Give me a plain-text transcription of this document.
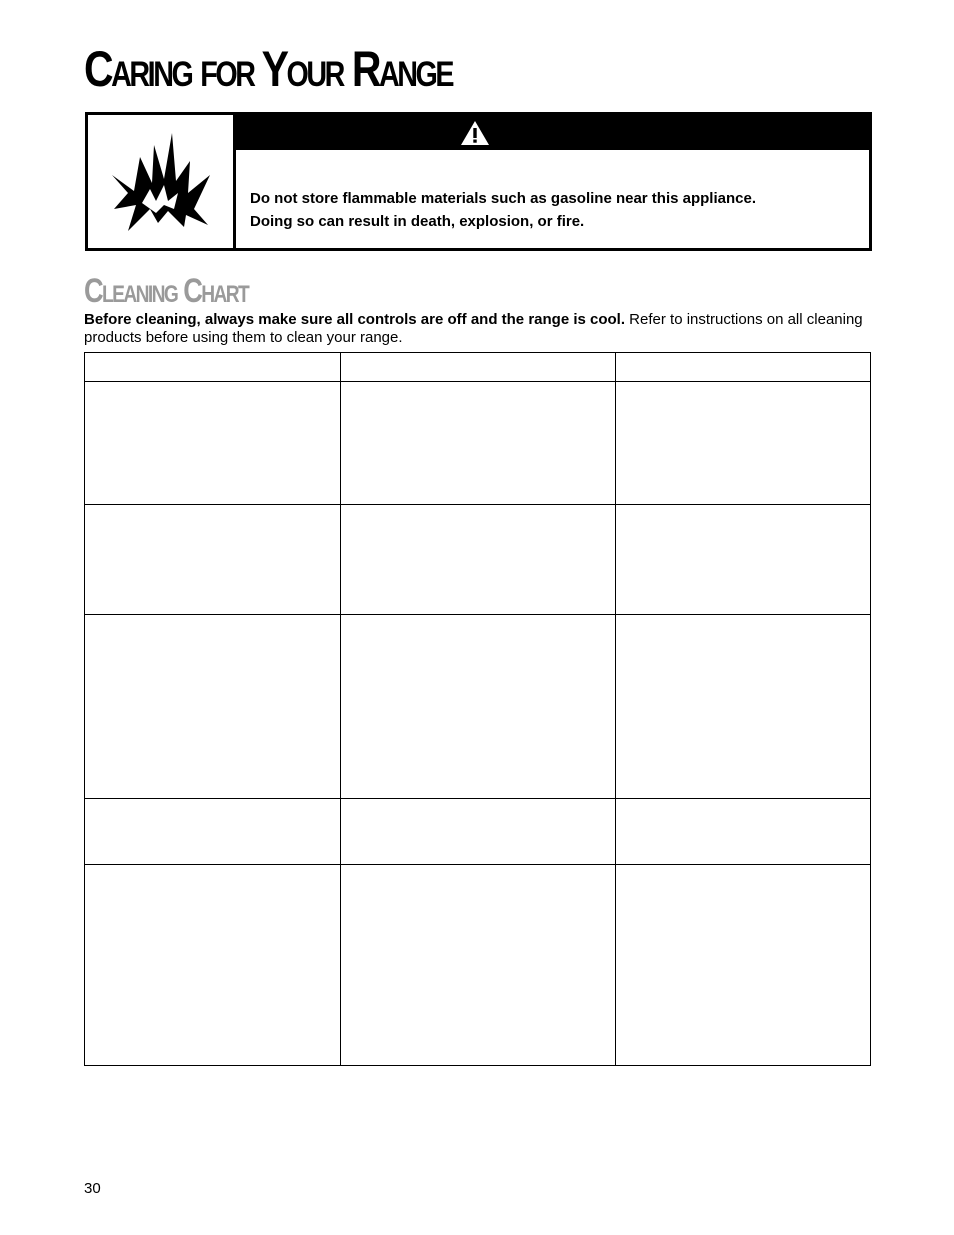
Caring for Your Range

Do not store flammable materials such as gasoline near this appliance.
Doing so can result in death, explosion, or fire.

Cleaning Chart

Before cleaning, always make sure all controls are off and the range is cool. Refer to instructions on all cleaning products before using them to clean your range.

30
